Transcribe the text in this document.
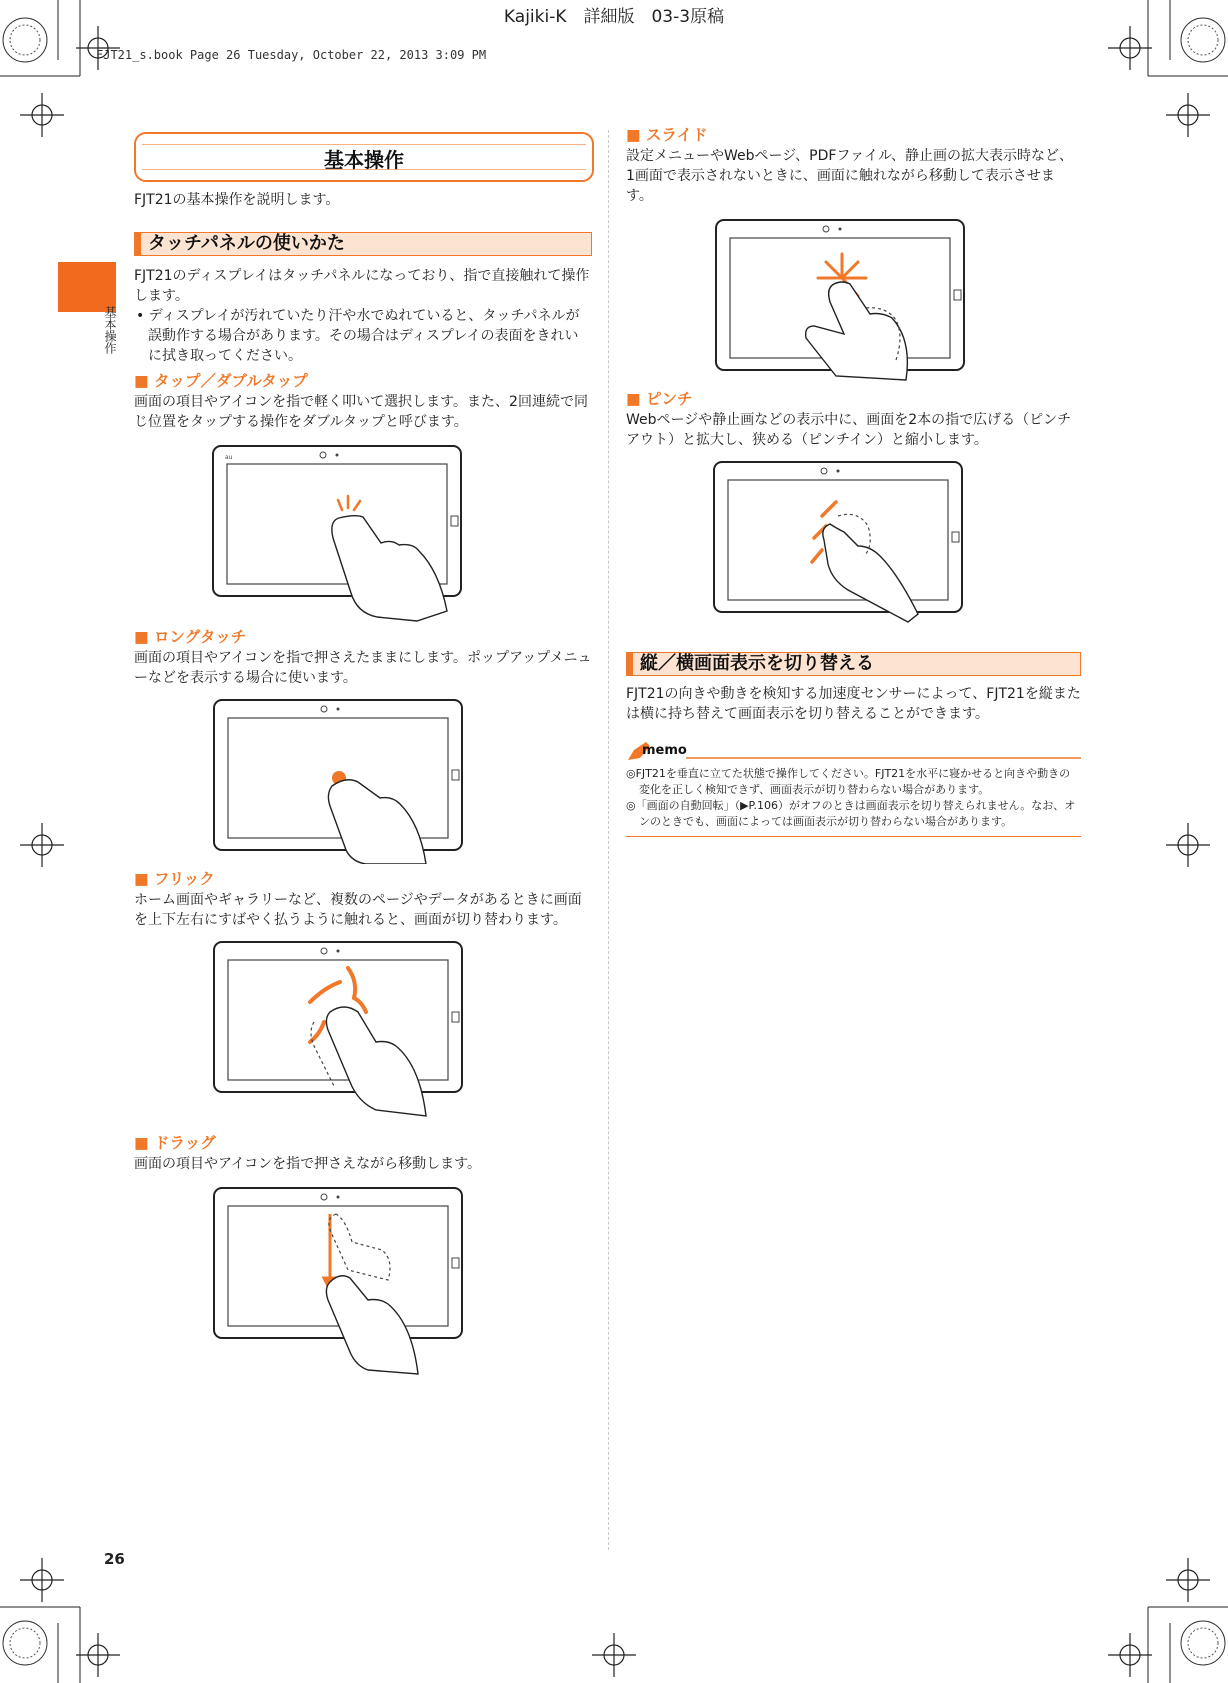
Kajiki-K　詳細版　03-3原稿
FJT21_s.book Page 26 Tuesday, October 22, 2013 3:09 PM
基本操作
26
基本操作

FJT21の基本操作を説明します。

タッチパネルの使いかた

FJT21のディスプレイはタッチパネルになっており、指で直接触れて操作します。

• ディスプレイが汚れていたり汗や水でぬれていると、タッチパネルが誤動作する場合があります。その場合はディスプレイの表面をきれいに拭き取ってください。

■ タップ／ダブルタップ

画面の項目やアイコンを指で軽く叩いて選択します。また、2回連続で同じ位置をタップする操作をダブルタップと呼びます。

au

■ ロングタッチ

画面の項目やアイコンを指で押さえたままにします。ポップアップメニューなどを表示する場合に使います。

■ フリック

ホーム画面やギャラリーなど、複数のページやデータがあるときに画面を上下左右にすばやく払うように触れると、画面が切り替わります。

■ ドラッグ

画面の項目やアイコンを指で押さえながら移動します。

■ スライド

設定メニューやWebページ、PDFファイル、静止画の拡大表示時など、1画面で表示されないときに、画面に触れながら移動して表示させます。

■ ピンチ

Webページや静止画などの表示中に、画面を2本の指で広げる（ピンチアウト）と拡大し、狭める（ピンチイン）と縮小します。

縦／横画面表示を切り替える

FJT21の向きや動きを検知する加速度センサーによって、FJT21を縦または横に持ち替えて画面表示を切り替えることができます。

memo

◎FJT21を垂直に立てた状態で操作してください。FJT21を水平に寝かせると向きや動きの変化を正しく検知できず、画面表示が切り替わらない場合があります。

◎「画面の自動回転」（▶P.106）がオフのときは画面表示を切り替えられません。なお、オンのときでも、画面によっては画面表示が切り替わらない場合があります。
